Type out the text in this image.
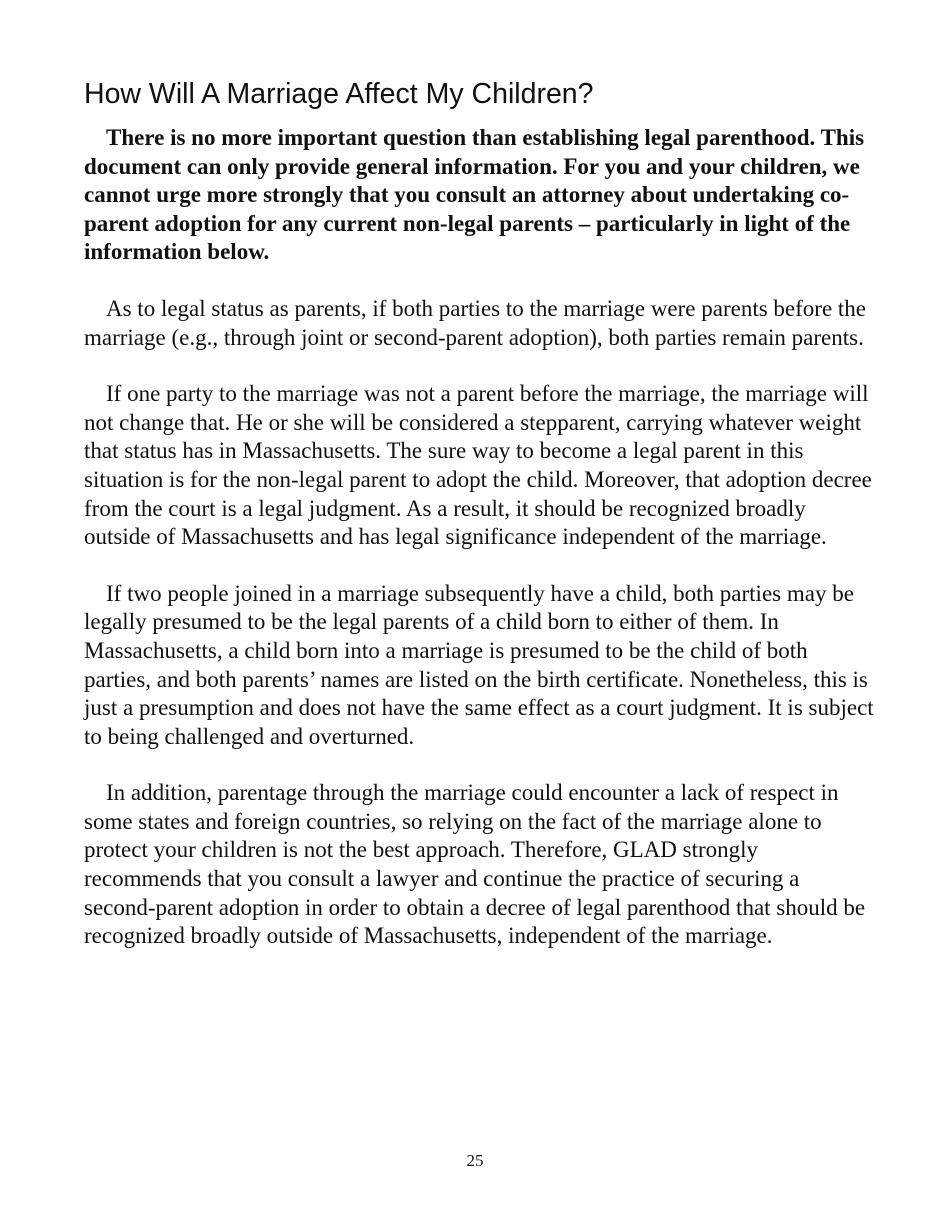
How Will A Marriage Affect My Children?

There is no more important question than establishing legal parenthood. This document can only provide general information. For you and your children, we cannot urge more strongly that you consult an attorney about undertaking co-parent adoption for any current non-legal parents – particularly in light of the information below.

As to legal status as parents, if both parties to the marriage were parents before the marriage (e.g., through joint or second-parent adoption), both parties remain parents.

If one party to the marriage was not a parent before the marriage, the marriage will not change that. He or she will be considered a stepparent, carrying whatever weight that status has in Massachusetts. The sure way to become a legal parent in this situation is for the non-legal parent to adopt the child. Moreover, that adoption decree from the court is a legal judgment. As a result, it should be recognized broadly outside of Massachusetts and has legal significance independent of the marriage.

If two people joined in a marriage subsequently have a child, both parties may be legally presumed to be the legal parents of a child born to either of them. In Massachusetts, a child born into a marriage is presumed to be the child of both parties, and both parents’ names are listed on the birth certificate. Nonetheless, this is just a presumption and does not have the same effect as a court judgment. It is subject to being challenged and overturned.

In addition, parentage through the marriage could encounter a lack of respect in some states and foreign countries, so relying on the fact of the marriage alone to protect your children is not the best approach. Therefore, GLAD strongly recommends that you consult a lawyer and continue the practice of securing a second-parent adoption in order to obtain a decree of legal parenthood that should be recognized broadly outside of Massachusetts, independent of the marriage.

25
